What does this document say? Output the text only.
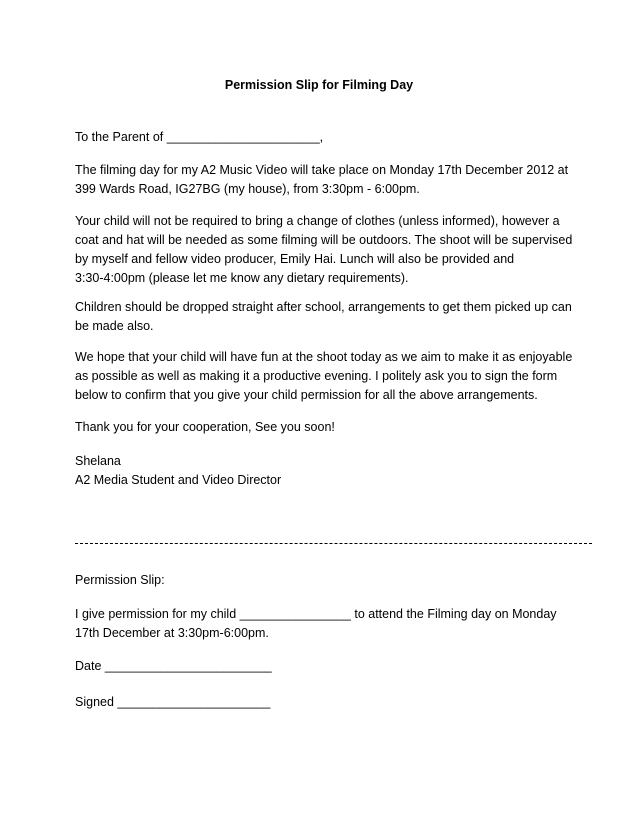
Permission Slip for Filming Day

To the Parent of ______________________,

The filming day for my A2 Music Video will take place on Monday 17th December 2012 at
399 Wards Road, IG27BG (my house), from 3:30pm - 6:00pm.

Your child will not be required to bring a change of clothes (unless informed), however a
coat and hat will be needed as some filming will be outdoors. The shoot will be supervised
by myself and fellow video producer, Emily Hai. Lunch will also be provided and
3:30-4:00pm (please let me know any dietary requirements).

Children should be dropped straight after school, arrangements to get them picked up can
be made also.

We hope that your child will have fun at the shoot today as we aim to make it as enjoyable
as possible as well as making it a productive evening. I politely ask you to sign the form
below to confirm that you give your child permission for all the above arrangements.

Thank you for your cooperation, See you soon!

Shelana
A2 Media Student and Video Director

Permission Slip:

I give permission for my child ________________ to attend the Filming day on Monday
17th December at 3:30pm-6:00pm.

Date ________________________

Signed ______________________
